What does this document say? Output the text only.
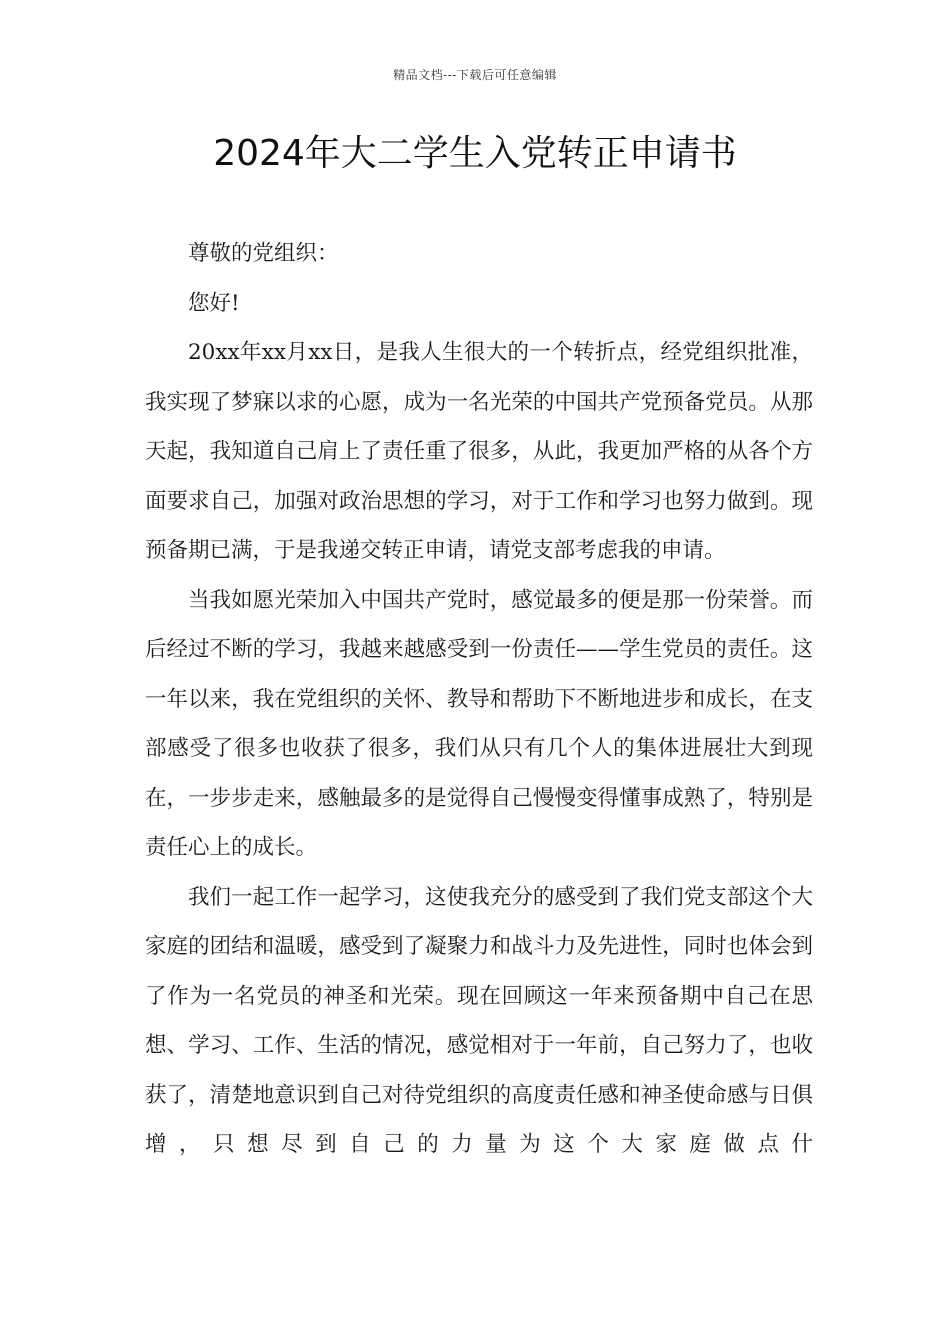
精品文档---下载后可任意编辑
2024年大二学生入党转正申请书

尊敬的党组织：

您好!

20xx年xx月xx日，是我人生很大的一个转折点，经党组织批准，我实现了梦寐以求的心愿，成为一名光荣的中国共产党预备党员。从那天起，我知道自己肩上了责任重了很多，从此，我更加严格的从各个方面要求自己，加强对政治思想的学习，对于工作和学习也努力做到。现预备期已满，于是我递交转正申请，请党支部考虑我的申请。

当我如愿光荣加入中国共产党时，感觉最多的便是那一份荣誉。而后经过不断的学习，我越来越感受到一份责任——学生党员的责任。这一年以来，我在党组织的关怀、教导和帮助下不断地进步和成长，在支部感受了很多也收获了很多，我们从只有几个人的集体进展壮大到现在，一步步走来，感触最多的是觉得自己慢慢变得懂事成熟了，特别是责任心上的成长。

我们一起工作一起学习，这使我充分的感受到了我们党支部这个大家庭的团结和温暖，感受到了凝聚力和战斗力及先进性，同时也体会到了作为一名党员的神圣和光荣。现在回顾这一年来预备期中自己在思想、学习、工作、生活的情况，感觉相对于一年前，自己努力了，也收获了，清楚地意识到自己对待党组织的高度责任感和神圣使命感与日俱增，只想尽到自己的力量为这个大家庭做点什
